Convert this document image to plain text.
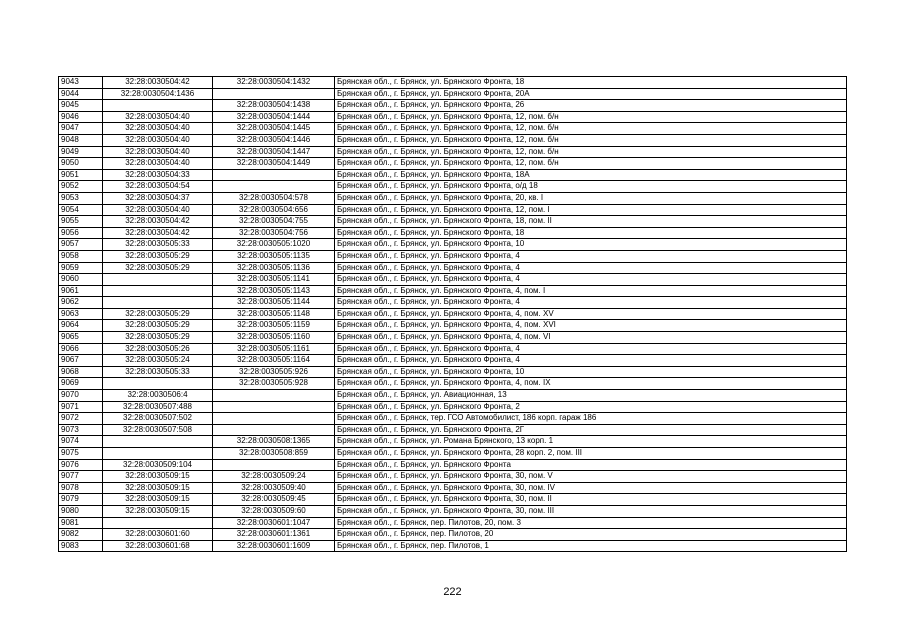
9043	32:28:0030504:42	32:28:0030504:1432	Брянская обл., г. Брянск, ул. Брянского Фронта, 18
9044	32:28:0030504:1436		Брянская обл., г. Брянск, ул. Брянского Фронта, 20А
9045		32:28:0030504:1438	Брянская обл., г. Брянск, ул. Брянского Фронта, 26
9046	32:28:0030504:40	32:28:0030504:1444	Брянская обл., г. Брянск, ул. Брянского Фронта, 12, пом. б/н
9047	32:28:0030504:40	32:28:0030504:1445	Брянская обл., г. Брянск, ул. Брянского Фронта, 12, пом. б/н
9048	32:28:0030504:40	32:28:0030504:1446	Брянская обл., г. Брянск, ул. Брянского Фронта, 12, пом. б/н
9049	32:28:0030504:40	32:28:0030504:1447	Брянская обл., г. Брянск, ул. Брянского Фронта, 12, пом. б/н
9050	32:28:0030504:40	32:28:0030504:1449	Брянская обл., г. Брянск, ул. Брянского Фронта, 12, пом. б/н
9051	32:28:0030504:33		Брянская обл., г. Брянск, ул. Брянского Фронта, 18А
9052	32:28:0030504:54		Брянская обл., г. Брянск, ул. Брянского Фронта, о/д 18
9053	32:28:0030504:37	32:28:0030504:578	Брянская обл., г. Брянск, ул. Брянского Фронта, 20, кв. I
9054	32:28:0030504:40	32:28:0030504:656	Брянская обл., г. Брянск, ул. Брянского Фронта, 12, пом. I
9055	32:28:0030504:42	32:28:0030504:755	Брянская обл., г. Брянск, ул. Брянского Фронта, 18, пом. II
9056	32:28:0030504:42	32:28:0030504:756	Брянская обл., г. Брянск, ул. Брянского Фронта, 18
9057	32:28:0030505:33	32:28:0030505:1020	Брянская обл., г. Брянск, ул. Брянского Фронта, 10
9058	32:28:0030505:29	32:28:0030505:1135	Брянская обл., г. Брянск, ул. Брянского Фронта, 4
9059	32:28:0030505:29	32:28:0030505:1136	Брянская обл., г. Брянск, ул. Брянского Фронта, 4
9060		32:28:0030505:1141	Брянская обл., г. Брянск, ул. Брянского Фронта, 4
9061		32:28:0030505:1143	Брянская обл., г. Брянск, ул. Брянского Фронта, 4, пом. I
9062		32:28:0030505:1144	Брянская обл., г. Брянск, ул. Брянского Фронта, 4
9063	32:28:0030505:29	32:28:0030505:1148	Брянская обл., г. Брянск, ул. Брянского Фронта, 4, пом. XV
9064	32:28:0030505:29	32:28:0030505:1159	Брянская обл., г. Брянск, ул. Брянского Фронта, 4, пом. XVI
9065	32:28:0030505:29	32:28:0030505:1160	Брянская обл., г. Брянск, ул. Брянского Фронта, 4, пом. VI
9066	32:28:0030505:26	32:28:0030505:1161	Брянская обл., г. Брянск, ул. Брянского Фронта, 4
9067	32:28:0030505:24	32:28:0030505:1164	Брянская обл., г. Брянск, ул. Брянского Фронта, 4
9068	32:28:0030505:33	32:28:0030505:926	Брянская обл., г. Брянск, ул. Брянского Фронта, 10
9069		32:28:0030505:928	Брянская обл., г. Брянск, ул. Брянского Фронта, 4, пом. IX
9070	32:28:0030506:4		Брянская обл., г. Брянск, ул. Авиационная, 13
9071	32:28:0030507:488		Брянская обл., г. Брянск, ул. Брянского Фронта, 2
9072	32:28:0030507:502		Брянская обл., г. Брянск, тер. ГСО Автомобилист, 186 корп. гараж 186
9073	32:28:0030507:508		Брянская обл., г. Брянск, ул. Брянского Фронта, 2Г
9074		32:28:0030508:1365	Брянская обл., г. Брянск, ул. Романа Брянского, 13 корп. 1
9075		32:28:0030508:859	Брянская обл., г. Брянск, ул. Брянского Фронта, 28 корп. 2, пом. III
9076	32:28:0030509:104		Брянская обл., г. Брянск, ул. Брянского Фронта
9077	32:28:0030509:15	32:28:0030509:24	Брянская обл., г. Брянск, ул. Брянского Фронта, 30, пом. V
9078	32:28:0030509:15	32:28:0030509:40	Брянская обл., г. Брянск, ул. Брянского Фронта, 30, пом. IV
9079	32:28:0030509:15	32:28:0030509:45	Брянская обл., г. Брянск, ул. Брянского Фронта, 30, пом. II
9080	32:28:0030509:15	32:28:0030509:60	Брянская обл., г. Брянск, ул. Брянского Фронта, 30, пом. III
9081		32:28:0030601:1047	Брянская обл., г. Брянск, пер. Пилотов, 20, пом. 3
9082	32:28:0030601:60	32:28:0030601:1361	Брянская обл., г. Брянск, пер. Пилотов, 20
9083	32:28:0030601:68	32:28:0030601:1609	Брянская обл., г. Брянск, пер. Пилотов, 1
222
